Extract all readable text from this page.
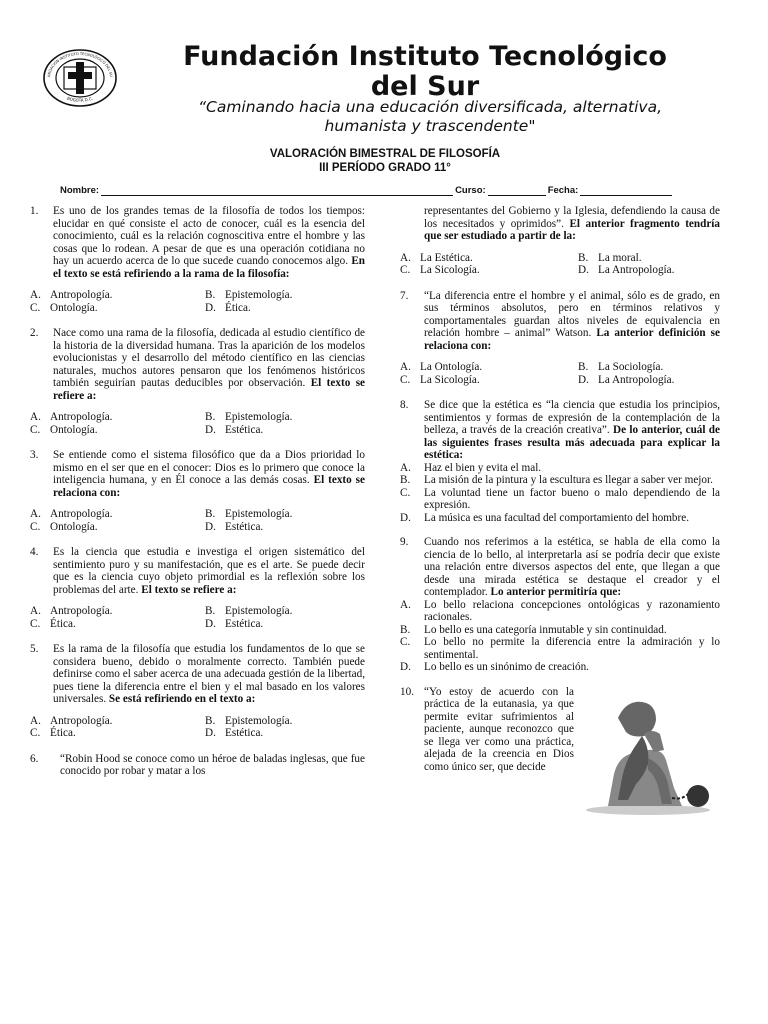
UNDACIÓN INSTITUTO TECNOLÓGICO DEL SU
BOGOTÁ D.C.
Fundación Instituto Tecnológico
del Sur
“Caminando hacia una educación diversificada, alternativa,
humanista y trascendente"
VALORACIÓN BIMESTRAL DE FILOSOFÍA
III PERÍODO GRADO 11°
Nombre:	Curso:	Fecha:
1. Es uno de los grandes temas de la filosofía de todos los tiempos: elucidar en qué consiste el acto de conocer, cuál es la esencia del conocimiento, cuál es la relación cognoscitiva entre el hombre y las cosas que lo rodean. A pesar de que es una operación cotidiana no hay un acuerdo acerca de lo que sucede cuando conocemos algo. En el texto se está refiriendo a la rama de la filosofía:
A. Antropología.	B. Epistemología.
C. Ontología.	D. Ética.
2. Nace como una rama de la filosofía, dedicada al estudio científico de la historia de la diversidad humana. Tras la aparición de los modelos evolucionistas y el desarrollo del método científico en las ciencias naturales, muchos autores pensaron que los fenómenos históricos también seguirían pautas deducibles por observación. El texto se refiere a:
A. Antropología.	B. Epistemología.
C. Ontología.	D. Estética.
3. Se entiende como el sistema filosófico que da a Dios prioridad lo mismo en el ser que en el conocer: Dios es lo primero que conoce la inteligencia humana, y en Él conoce a las demás cosas. El texto se relaciona con:
A. Antropología.	B. Epistemología.
C. Ontología.	D. Estética.
4. Es la ciencia que estudia e investiga el origen sistemático del sentimiento puro y su manifestación, que es el arte. Se puede decir que es la ciencia cuyo objeto primordial es la reflexión sobre los problemas del arte. El texto se refiere a:
A. Antropología.	B. Epistemología.
C. Ética.	D. Estética.
5. Es la rama de la filosofía que estudia los fundamentos de lo que se considera bueno, debido o moralmente correcto. También puede definirse como el saber acerca de una adecuada gestión de la libertad, pues tiene la diferencia entre el bien y el mal basado en los valores universales. Se está refiriendo en el texto a:
A. Antropología.	B. Epistemología.
C. Ética.	D. Estética.
6. “Robin Hood se conoce como un héroe de baladas inglesas, que fue conocido por robar y matar a los
representantes del Gobierno y la Iglesia, defendiendo la causa de los necesitados y oprimidos”. El anterior fragmento tendría que ser estudiado a partir de la:
A. La Estética.	B. La moral.
C. La Sicología.	D. La Antropología.
7. “La diferencia entre el hombre y el animal, sólo es de grado, en sus términos absolutos, pero en términos relativos y comportamentales guardan altos niveles de equivalencia en relación hombre – animal” Watson. La anterior definición se relaciona con:
A. La Ontología.	B. La Sociología.
C. La Sicología.	D. La Antropología.
8. Se dice que la estética es “la ciencia que estudia los principios, sentimientos y formas de expresión de la contemplación de la belleza, a través de la creación creativa”. De lo anterior, cuál de las siguientes frases resulta más adecuada para explicar la estética:
A. Haz el bien y evita el mal.
B. La misión de la pintura y la escultura es llegar a saber ver mejor.
C. La voluntad tiene un factor bueno o malo dependiendo de la expresión.
D. La música es una facultad del comportamiento del hombre.
9. Cuando nos referimos a la estética, se habla de ella como la ciencia de lo bello, al interpretarla así se podría decir que existe una relación entre diversos aspectos del ente, que llegan a que desde una mirada estética se destaque el creador y el contemplador. Lo anterior permitiría que:
A. Lo bello relaciona concepciones ontológicas y razonamiento racionales.
B. Lo bello es una categoría inmutable y sin continuidad.
C. Lo bello no permite la diferencia entre la admiración y lo sentimental.
D. Lo bello es un sinónimo de creación.
10. “Yo estoy de acuerdo con la práctica de la eutanasia, ya que permite evitar sufrimientos al paciente, aunque reconozco que se llega ver como una práctica, alejada de la creencia en Dios como único ser, que decide
